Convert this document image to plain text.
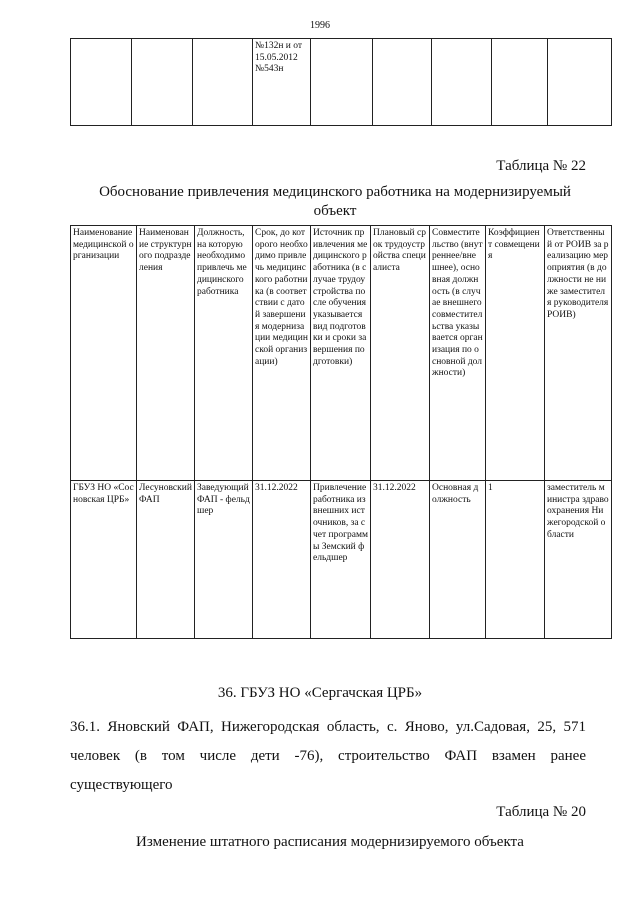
1996
			№132н и от 15.05.2012 №543н					
Таблица № 22
Обоснование привлечения медицинского работника на модернизируемый объект
Наименование медицинской организации	Наименование структурного подразделения	Должность, на которую необходимо привлечь медицинского работника	Срок, до которого необходимо привлечь медицинского работника (в соответствии с датой завершения модернизации медицинской организации)	Источник привлечения медицинского работника (в случае трудоустройства после обучения указывается вид подготовки и сроки завершения подготовки)	Плановый срок трудоустройства специалиста	Совместительство (внутреннее/внешнее), основная должность (в случае внешнего совместительства указывается организация по основной должности)	Коэффициент совмещения	Ответственный от РОИВ за реализацию мероприятия (в должности не ниже заместителя руководителя РОИВ)
ГБУЗ НО «Сосновская ЦРБ»	Лесуновский ФАП	Заведующий ФАП - фельдшер	31.12.2022	Привлечение работника из внешних источников, за счет программы Земский фельдшер	31.12.2022	Основная должность	1	заместитель министра здравоохранения Нижегородской области
36. ГБУЗ НО «Сергачская ЦРБ»
36.1. Яновский ФАП, Нижегородская область, с. Яново, ул.Садовая, 25, 571 человек (в том числе дети -76), строительство ФАП взамен ранее существующего
Таблица № 20
Изменение штатного расписания модернизируемого объекта
